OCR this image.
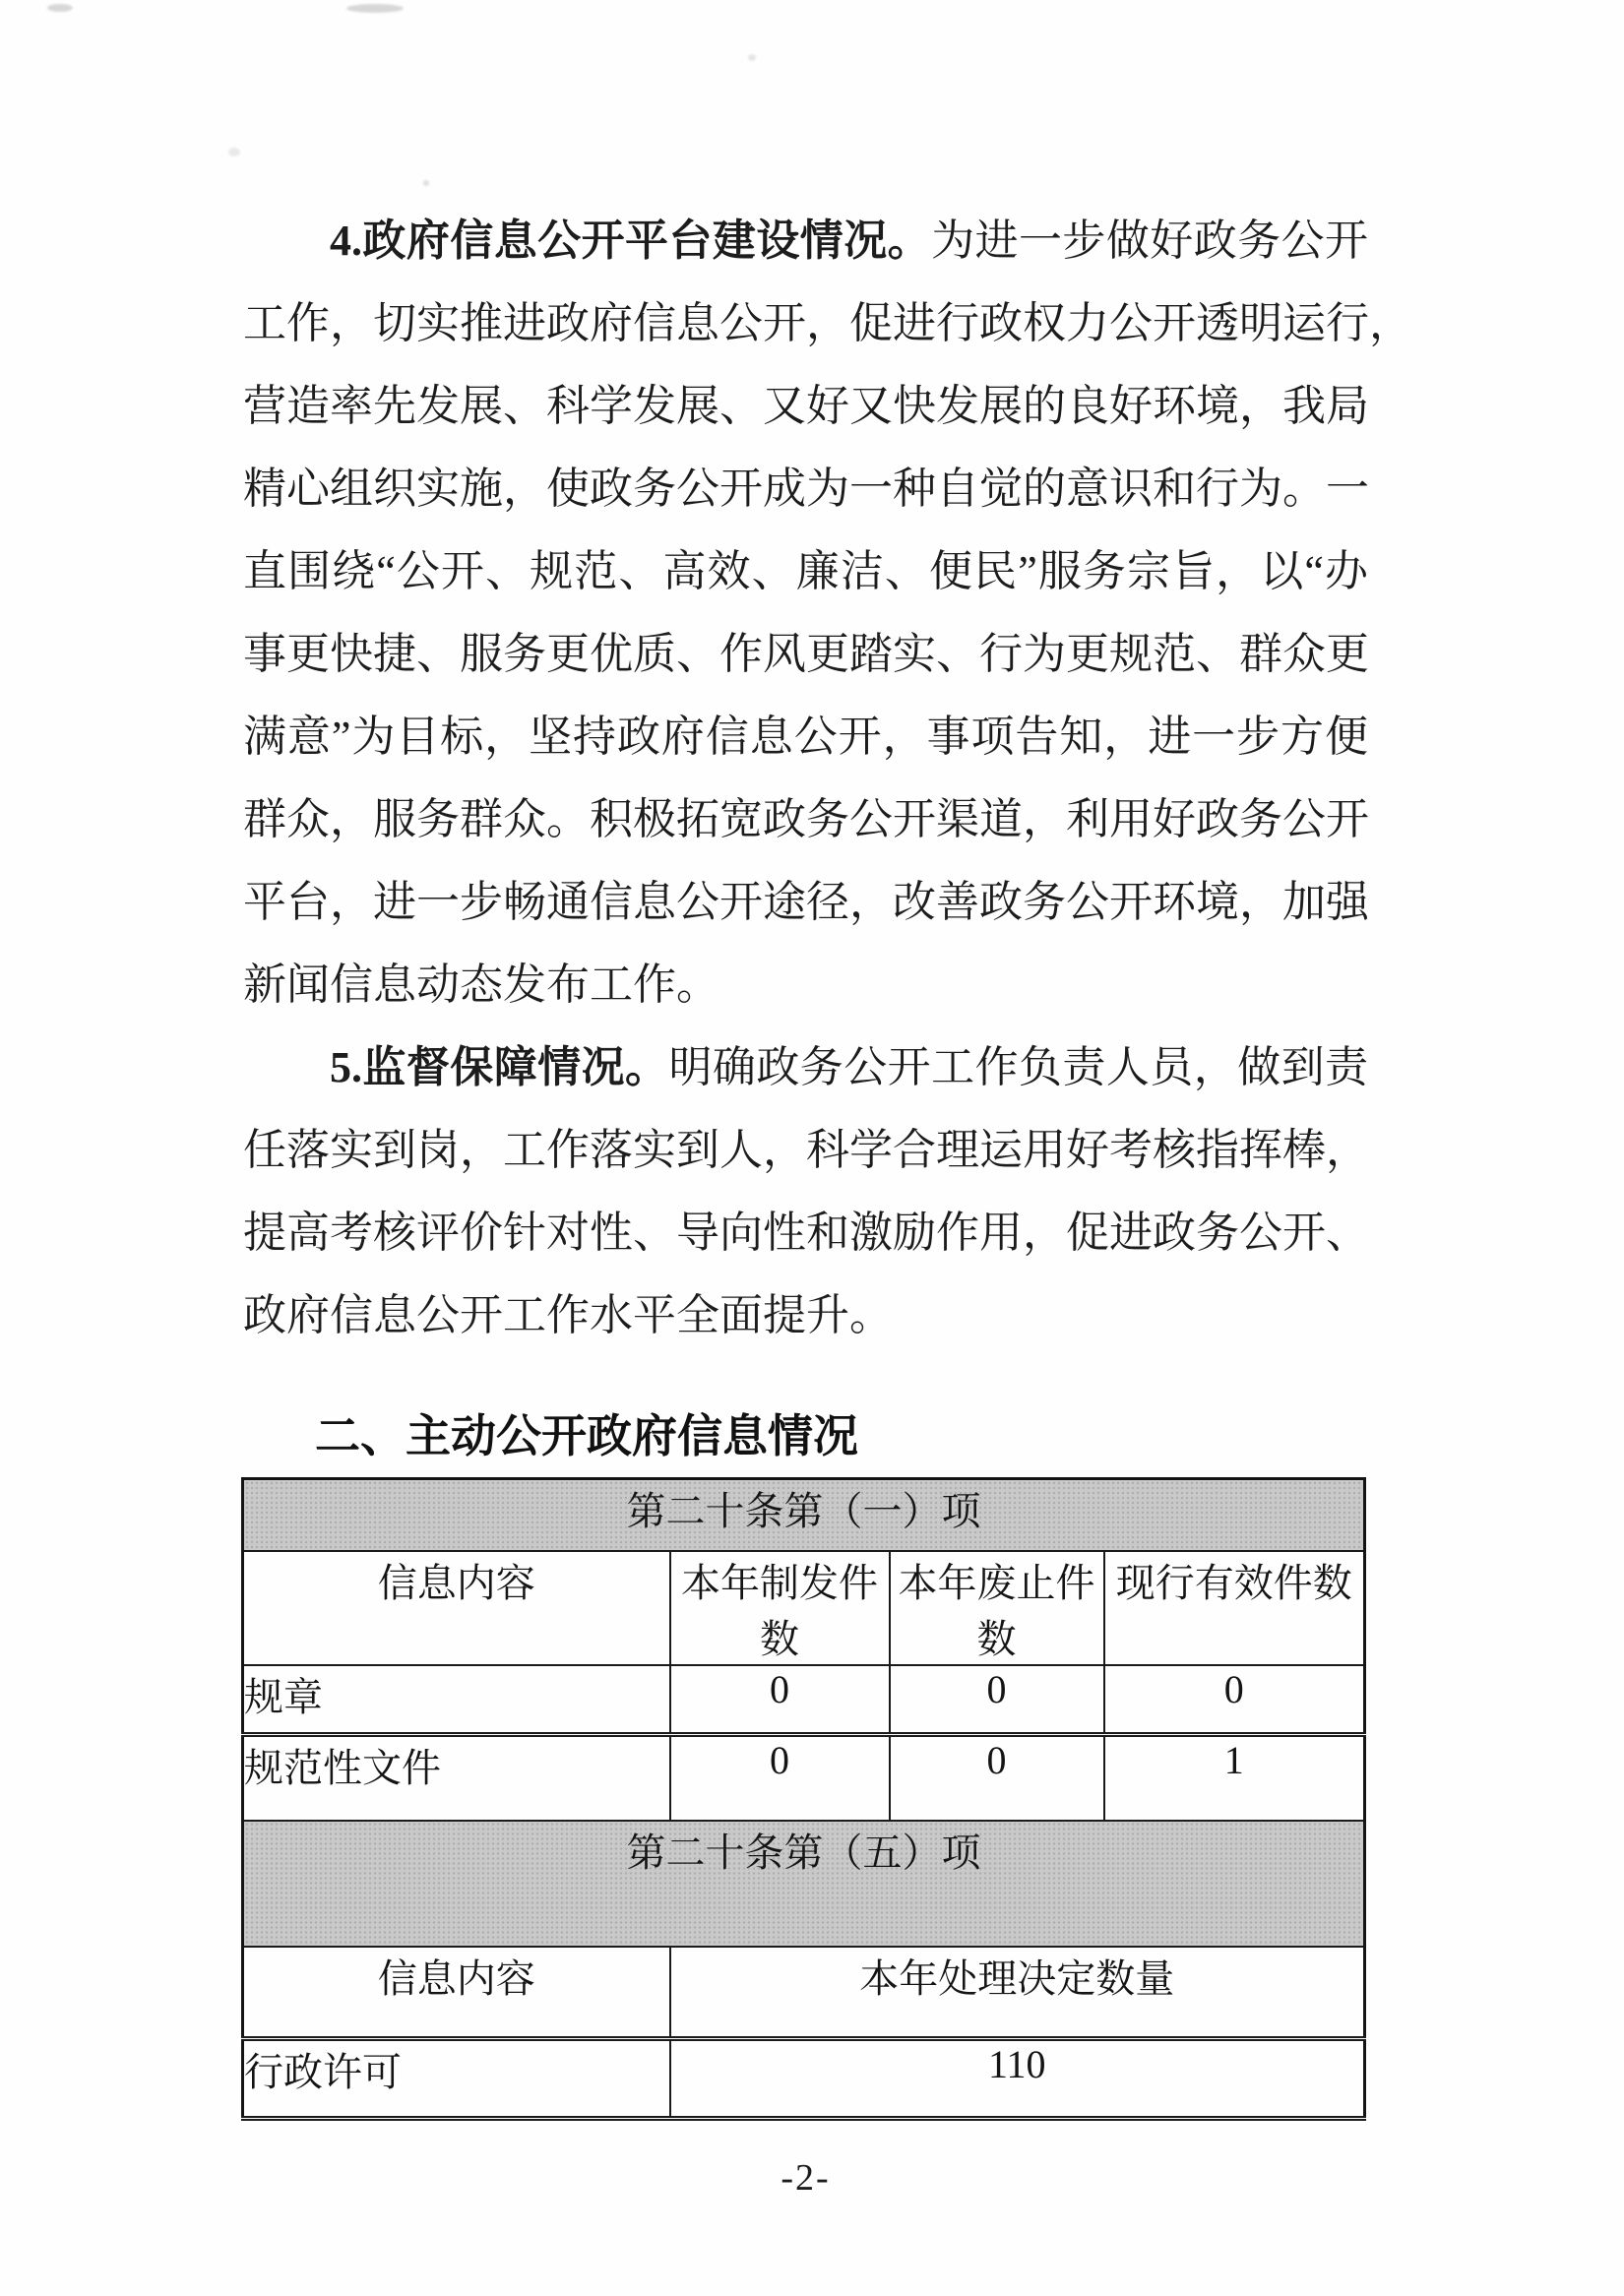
4.政府信息公开平台建设情况。为进一步做好政务公开
工作，切实推进政府信息公开，促进行政权力公开透明运行，
营造率先发展、科学发展、又好又快发展的良好环境，我局
精心组织实施，使政务公开成为一种自觉的意识和行为。一
直围绕“公开、规范、高效、廉洁、便民”服务宗旨，以“办
事更快捷、服务更优质、作风更踏实、行为更规范、群众更
满意”为目标，坚持政府信息公开，事项告知，进一步方便
群众，服务群众。积极拓宽政务公开渠道，利用好政务公开
平台，进一步畅通信息公开途径，改善政务公开环境，加强
新闻信息动态发布工作。
5.监督保障情况。明确政务公开工作负责人员，做到责
任落实到岗，工作落实到人，科学合理运用好考核指挥棒，
提高考核评价针对性、导向性和激励作用，促进政务公开、
政府信息公开工作水平全面提升。
二、主动公开政府信息情况
第二十条第（一）项			
信息内容	本年制发件数	本年废止件数	现行有效件数
规章	0	0	0
规范性文件	0	0	1
第二十条第（五）项			
信息内容	本年处理决定数量		
行政许可	110		
-2-
